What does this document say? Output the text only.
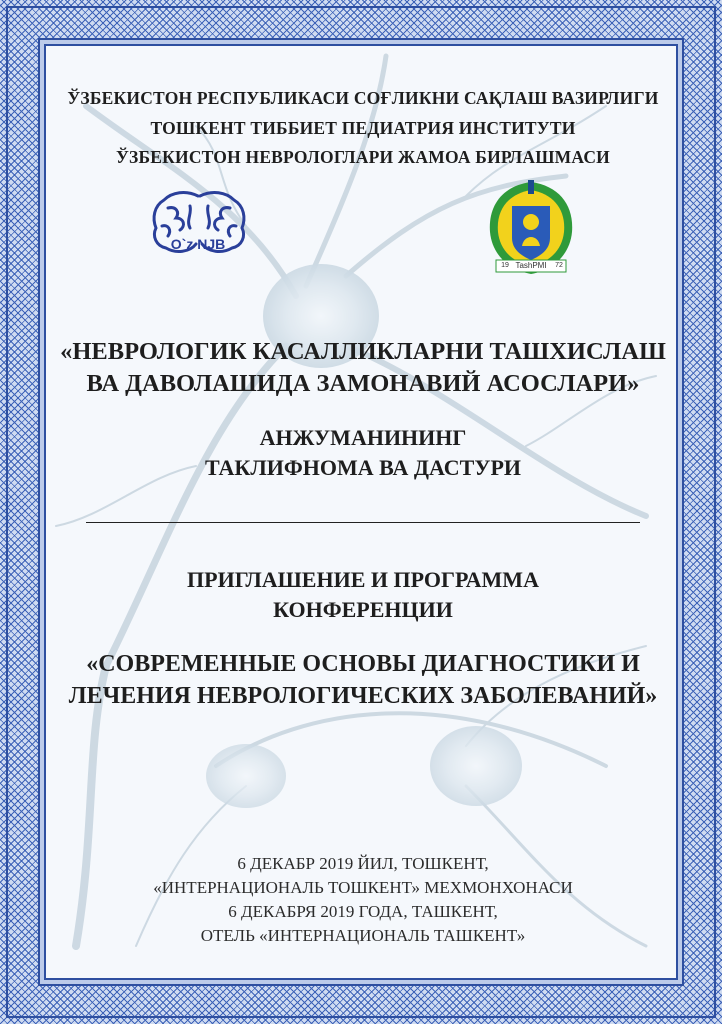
ЎЗБЕКИСТОН РЕСПУБЛИКАСИ СОҒЛИКНИ САҚЛАШ ВАЗИРЛИГИ
ТОШКЕНТ ТИББИЕТ ПЕДИАТРИЯ ИНСТИТУТИ
ЎЗБЕКИСТОН НЕВРОЛОГЛАРИ ЖАМОА БИРЛАШМАСИ
O`z NJB
19 TashPMI	72
«НЕВРОЛОГИК КАСАЛЛИКЛАРНИ ТАШХИСЛАШ
ВА ДАВОЛАШИДА ЗАМОНАВИЙ АСОСЛАРИ»
АНЖУМАНИНИНГ
ТАКЛИФНОМА ВА ДАСТУРИ
ПРИГЛАШЕНИЕ И ПРОГРАММА
КОНФЕРЕНЦИИ
«СОВРЕМЕННЫЕ ОСНОВЫ ДИАГНОСТИКИ И
ЛЕЧЕНИЯ НЕВРОЛОГИЧЕСКИХ ЗАБОЛЕВАНИЙ»
6 ДЕКАБР 2019 ЙИЛ, ТОШКЕНТ,
«ИНТЕРНАЦИОНАЛЬ ТОШКЕНТ» МЕХМОНХОНАСИ
6 ДЕКАБРЯ 2019 ГОДА, ТАШКЕНТ,
ОТЕЛЬ «ИНТЕРНАЦИОНАЛЬ ТАШКЕНТ»
